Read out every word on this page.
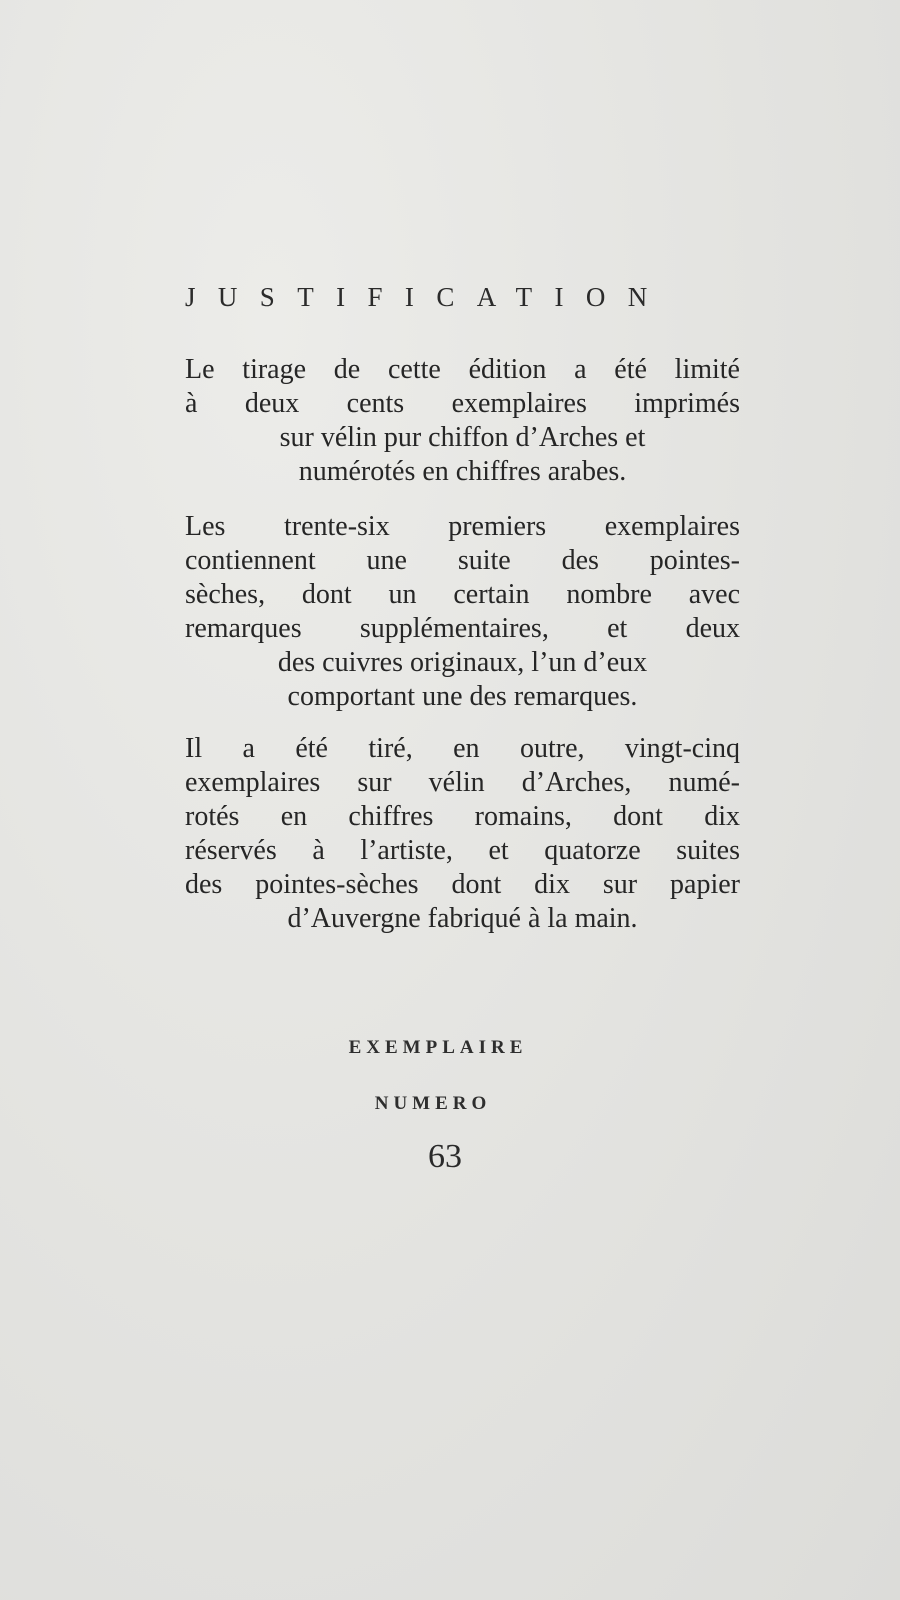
JUSTIFICATION
Le tirage de cette édition a été limité
à deux cents exemplaires imprimés
sur vélin pur chiffon d’Arches et
numérotés en chiffres arabes.
Les trente-six premiers exemplaires
contiennent une suite des pointes-
sèches, dont un certain nombre avec
remarques supplémentaires, et deux
des cuivres originaux, l’un d’eux
comportant une des remarques.
Il a été tiré, en outre, vingt-cinq
exemplaires sur vélin d’Arches, numé-
rotés en chiffres romains, dont dix
réservés à l’artiste, et quatorze suites
des pointes-sèches dont dix sur papier
d’Auvergne fabriqué à la main.
EXEMPLAIRE
NUMERO
63
